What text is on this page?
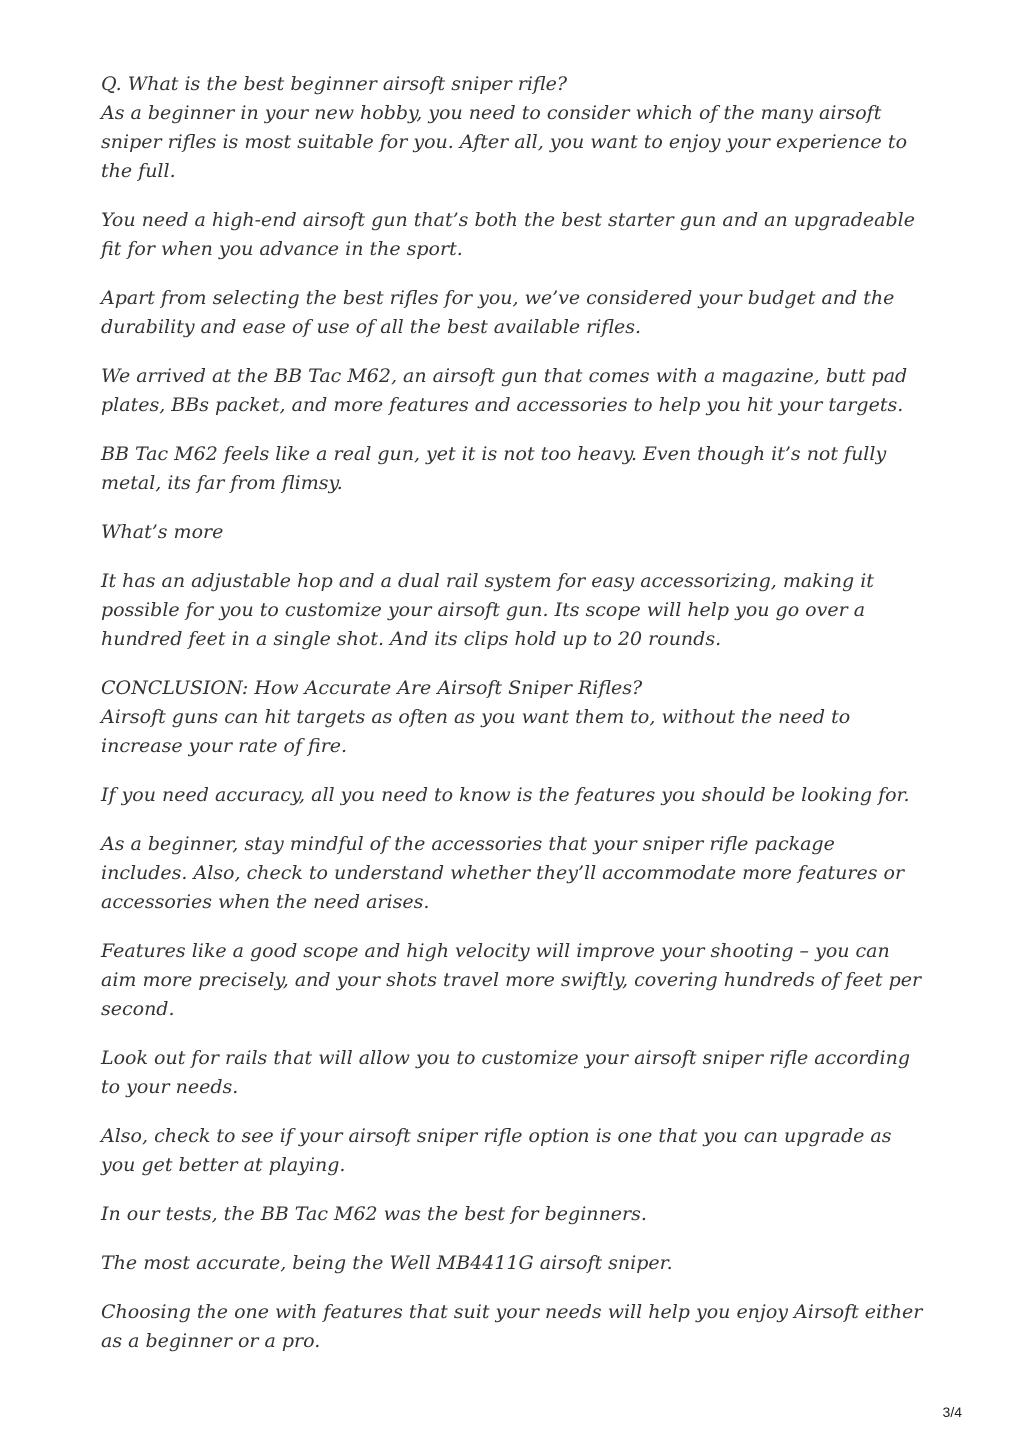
Q. What is the best beginner airsoft sniper rifle?

As a beginner in your new hobby, you need to consider which of the many airsoft sniper rifles is most suitable for you. After all, you want to enjoy your experience to the full.

You need a high-end airsoft gun that’s both the best starter gun and an upgradeable fit for when you advance in the sport.

Apart from selecting the best rifles for you, we’ve considered your budget and the durability and ease of use of all the best available rifles.

We arrived at the BB Tac M62, an airsoft gun that comes with a magazine, butt pad plates, BBs packet, and more features and accessories to help you hit your targets.

BB Tac M62 feels like a real gun, yet it is not too heavy. Even though it’s not fully metal, its far from flimsy.

What’s more

It has an adjustable hop and a dual rail system for easy accessorizing, making it possible for you to customize your airsoft gun. Its scope will help you go over a hundred feet in a single shot. And its clips hold up to 20 rounds.

CONCLUSION: How Accurate Are Airsoft Sniper Rifles?

Airsoft guns can hit targets as often as you want them to, without the need to increase your rate of fire.

If you need accuracy, all you need to know is the features you should be looking for.

As a beginner, stay mindful of the accessories that your sniper rifle package includes. Also, check to understand whether they’ll accommodate more features or accessories when the need arises.

Features like a good scope and high velocity will improve your shooting – you can aim more precisely, and your shots travel more swiftly, covering hundreds of feet per second.

Look out for rails that will allow you to customize your airsoft sniper rifle according to your needs.

Also, check to see if your airsoft sniper rifle option is one that you can upgrade as you get better at playing.

In our tests, the BB Tac M62 was the best for beginners.

The most accurate, being the Well MB4411G airsoft sniper.

Choosing the one with features that suit your needs will help you enjoy Airsoft either as a beginner or a pro.

3/4
